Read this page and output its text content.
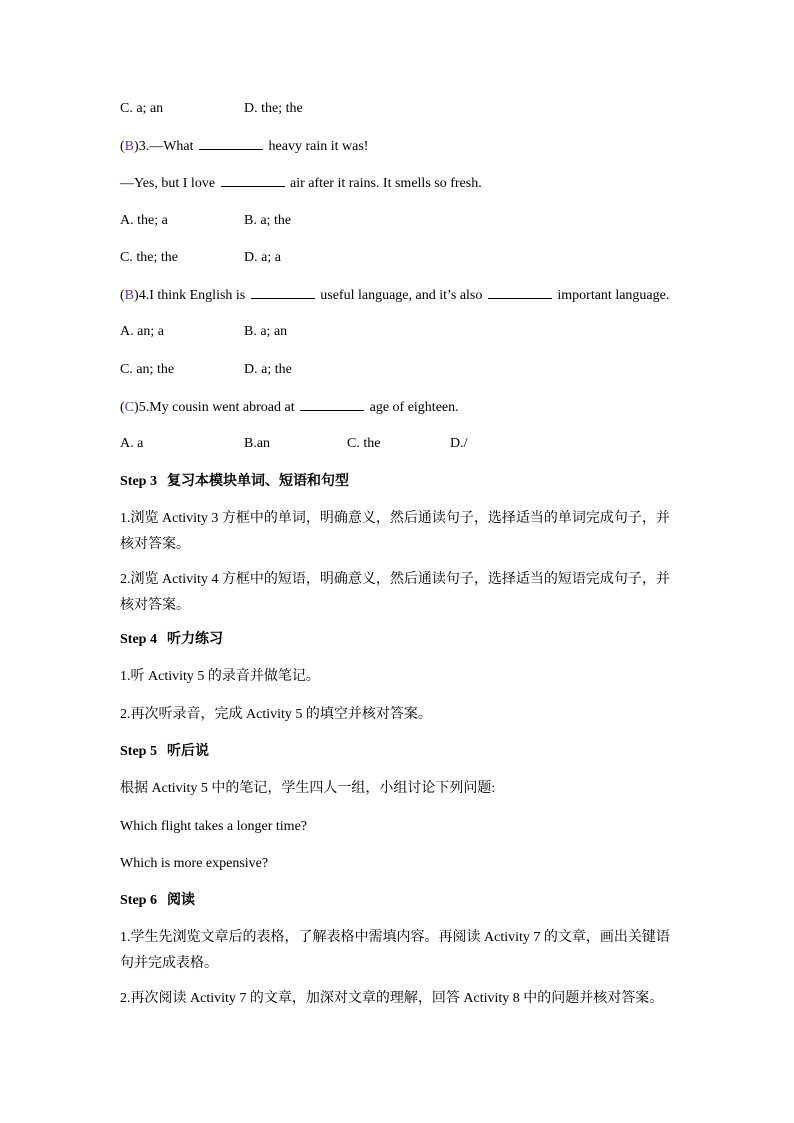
C. a; an	D. the; the
(B)3.—What	heavy rain it was!
—Yes, but I love	air after it rains. It smells so fresh.
A. the; a	B. a; the
C. the; the	D. a; a
(B)4.I think English is	useful language, and it’s also	important language.
A. an; a	B. a; an
C. an; the	D. a; the
(C)5.My cousin went abroad at	age of eighteen.
A. a	B.an	C. the	D./
Step 3 复习本模块单词、短语和句型
1.浏览 Activity 3 方框中的单词，明确意义，然后通读句子，选择适当的单词完成句子，并核对答案。
2.浏览 Activity 4 方框中的短语，明确意义，然后通读句子，选择适当的短语完成句子，并核对答案。
Step 4 听力练习
1.听 Activity 5 的录音并做笔记。
2.再次听录音，完成 Activity 5 的填空并核对答案。
Step 5 听后说
根据 Activity 5 中的笔记，学生四人一组，小组讨论下列问题:
Which flight takes a longer time?
Which is more expensive?
Step 6 阅读
1.学生先浏览文章后的表格，了解表格中需填内容。再阅读 Activity 7 的文章，画出关键语句并完成表格。
2.再次阅读 Activity 7 的文章，加深对文章的理解，回答 Activity 8 中的问题并核对答案。
